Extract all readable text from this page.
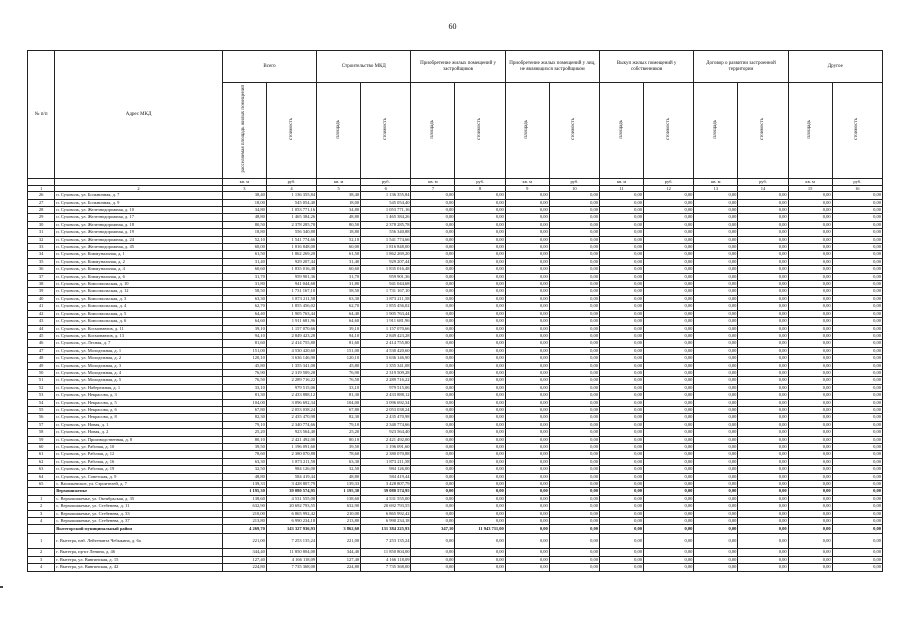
60
№ п/п	Адрес МКД	Всего		Строительство МКД		Приобретение жилых помещений у застройщиков		Приобретение жилых помещений у лиц, не являющихся застройщиком		Выкуп жилых помещений у собственников		Договор о развитии застроенной территории		Другое	
		расселяемая площадь жилых помещений	стоимость	площадь	стоимость	площадь	стоимость	площадь	стоимость	площадь	стоимость	площадь	стоимость	площадь	стоимость
		кв. м	руб.	кв. м	руб.	кв. м	руб.	кв. м	руб.	кв. м	руб.	кв. м	руб.	кв. м	руб.
1	2	3	4	5	6	7	8	9	10	11	12	13	14	15	16
26	п. Суховоль, ул. Больничная, д. 7	38,40	1 136 355,84	38,40	1 136 355,84	0,00	0,00	0,00	0,00	0,00	0,00	0,00	0,00	0,00	0,00
27	п. Суховоль, ул. Больничная, д. 9	18,00	545 054,40	18,00	545 054,40	0,00	0,00	0,00	0,00	0,00	0,00	0,00	0,00	0,00	0,00
28	п. Суховоль, ул. Железнодорожная, д. 10	34,80	1 053 771,16	34,80	1 053 771,16	0,00	0,00	0,00	0,00	0,00	0,00	0,00	0,00	0,00	0,00
29	п. Суховоль, ул. Железнодорожная, д. 17	48,80	1 465 384,26	48,80	1 465 384,26	0,00	0,00	0,00	0,00	0,00	0,00	0,00	0,00	0,00	0,00
30	п. Суховоль, ул. Железнодорожная, д. 18	80,50	2 378 285,78	80,50	2 378 285,78	0,00	0,00	0,00	0,00	0,00	0,00	0,00	0,00	0,00	0,00
31	п. Суховоль, ул. Железнодорожная, д. 19	18,80	556 340,88	18,80	556 340,88	0,00	0,00	0,00	0,00	0,00	0,00	0,00	0,00	0,00	0,00
32	п. Суховоль, ул. Железнодорожная, д. 24	52,10	1 541 774,66	52,10	1 541 774,66	0,00	0,00	0,00	0,00	0,00	0,00	0,00	0,00	0,00	0,00
33	п. Суховоль, ул. Железнодорожная, д. 45	60,00	1 816 848,00	60,00	1 816 848,00	0,00	0,00	0,00	0,00	0,00	0,00	0,00	0,00	0,00	0,00
34	п. Суховоль, ул. Коммунальная, д. 1	61,50	1 862 269,20	61,50	1 862 269,20	0,00	0,00	0,00	0,00	0,00	0,00	0,00	0,00	0,00	0,00
35	п. Суховоль, ул. Коммунальная, д. 2	31,40	929 207,44	31,40	929 207,44	0,00	0,00	0,00	0,00	0,00	0,00	0,00	0,00	0,00	0,00
36	п. Суховоль, ул. Коммунальная, д. 4	60,60	1 835 016,48	60,60	1 835 016,48	0,00	0,00	0,00	0,00	0,00	0,00	0,00	0,00	0,00	0,00
37	п. Суховоль, ул. Коммунальная, д. 6	31,70	959 901,36	31,70	959 901,36	0,00	0,00	0,00	0,00	0,00	0,00	0,00	0,00	0,00	0,00
38	п. Суховоль, ул. Комсомольская, д. 10	31,80	941 044,68	31,80	941 044,68	0,00	0,00	0,00	0,00	0,00	0,00	0,00	0,00	0,00	0,00
39	п. Суховоль, ул. Комсомольская, д. 12	58,50	1 731 167,10	58,50	1 731 167,10	0,00	0,00	0,00	0,00	0,00	0,00	0,00	0,00	0,00	0,00
40	п. Суховоль, ул. Комсомольская, д. 3	63,30	1 873 211,58	63,30	1 873 211,58	0,00	0,00	0,00	0,00	0,00	0,00	0,00	0,00	0,00	0,00
41	п. Суховоль, ул. Комсомольская, д. 4	62,70	1 855 456,02	62,70	1 855 456,02	0,00	0,00	0,00	0,00	0,00	0,00	0,00	0,00	0,00	0,00
42	п. Суховоль, ул. Комсомольская, д. 5	64,40	1 905 763,44	64,40	1 905 763,44	0,00	0,00	0,00	0,00	0,00	0,00	0,00	0,00	0,00	0,00
43	п. Суховоль, ул. Комсомольская, д. 6	64,60	1 911 681,96	64,60	1 911 681,96	0,00	0,00	0,00	0,00	0,00	0,00	0,00	0,00	0,00	0,00
44	п. Суховоль, ул. Космонавтов, д. 11	39,10	1 157 070,66	39,10	1 157 070,66	0,00	0,00	0,00	0,00	0,00	0,00	0,00	0,00	0,00	0,00
45	п. Суховоль, ул. Космонавтов, д. 13	94,10	2 849 423,28	94,10	2 849 423,28	0,00	0,00	0,00	0,00	0,00	0,00	0,00	0,00	0,00	0,00
46	п. Суховоль, ул. Лесная, д. 7	81,60	2 414 755,80	81,60	2 414 755,80	0,00	0,00	0,00	0,00	0,00	0,00	0,00	0,00	0,00	0,00
47	п. Суховоль, ул. Молодежная, д. 1	151,00	4 530 420,60	151,00	4 530 420,60	0,00	0,00	0,00	0,00	0,00	0,00	0,00	0,00	0,00	0,00
48	п. Суховоль, ул. Молодежная, д. 2	120,10	3 636 146,90	120,10	3 636 146,90	0,00	0,00	0,00	0,00	0,00	0,00	0,00	0,00	0,00	0,00
49	п. Суховоль, ул. Молодежная, д. 3	45,80	1 355 341,08	45,80	1 355 341,08	0,00	0,00	0,00	0,00	0,00	0,00	0,00	0,00	0,00	0,00
50	п. Суховоль, ул. Молодежная, д. 4	76,90	2 319 509,28	76,90	2 319 509,28	0,00	0,00	0,00	0,00	0,00	0,00	0,00	0,00	0,00	0,00
51	п. Суховоль, ул. Молодежная, д. 5	76,50	2 289 716,22	76,50	2 289 716,22	0,00	0,00	0,00	0,00	0,00	0,00	0,00	0,00	0,00	0,00
52	п. Суховоль, ул. Набережная, д. 1	33,10	979 515,06	33,10	979 515,06	0,00	0,00	0,00	0,00	0,00	0,00	0,00	0,00	0,00	0,00
53	п. Суховоль, ул. Некрасова, д. 3	81,30	2 433 888,12	81,30	2 433 888,12	0,00	0,00	0,00	0,00	0,00	0,00	0,00	0,00	0,00	0,00
54	п. Суховоль, ул. Некрасова, д. 5	104,00	3 096 692,34	104,00	3 096 692,34	0,00	0,00	0,00	0,00	0,00	0,00	0,00	0,00	0,00	0,00
55	п. Суховоль, ул. Некрасова, д. 6	67,80	2 053 038,24	67,80	2 053 038,24	0,00	0,00	0,00	0,00	0,00	0,00	0,00	0,00	0,00	0,00
56	п. Суховоль, ул. Некрасова, д. 8	82,30	2 435 470,98	82,30	2 435 470,98	0,00	0,00	0,00	0,00	0,00	0,00	0,00	0,00	0,00	0,00
57	п. Суховоль, ул. Новая, д. 1	79,10	2 340 774,66	79,10	2 340 774,66	0,00	0,00	0,00	0,00	0,00	0,00	0,00	0,00	0,00	0,00
58	п. Суховоль, ул. Новая, д. 2	25,20	923 564,40	25,20	923 564,40	0,00	0,00	0,00	0,00	0,00	0,00	0,00	0,00	0,00	0,00
59	п. Суховоль, ул. Производственная, д. 8	80,10	2 421 492,00	80,10	2 421 492,00	0,00	0,00	0,00	0,00	0,00	0,00	0,00	0,00	0,00	0,00
60	п. Суховоль, ул. Рабочая, д. 10	39,50	1 196 091,60	39,50	1 196 091,60	0,00	0,00	0,00	0,00	0,00	0,00	0,00	0,00	0,00	0,00
61	п. Суховоль, ул. Рабочая, д. 12	78,60	2 380 070,88	78,60	2 380 070,88	0,00	0,00	0,00	0,00	0,00	0,00	0,00	0,00	0,00	0,00
62	п. Суховоль, ул. Рабочая, д. 16	63,30	1 873 211,58	63,30	1 873 211,58	0,00	0,00	0,00	0,00	0,00	0,00	0,00	0,00	0,00	0,00
63	п. Суховоль, ул. Рабочая, д. 19	32,50	984 126,00	32,50	984 126,00	0,00	0,00	0,00	0,00	0,00	0,00	0,00	0,00	0,00	0,00
64	п. Суховоль, ул. Советская, д. 9	48,80	584 419,44	48,80	584 419,44	0,00	0,00	0,00	0,00	0,00	0,00	0,00	0,00	0,00	0,00
65	с. Васильевское, ул. Строителей, д. 7	139,33	3 428 807,79	139,33	3 428 807,79	0,00	0,00	0,00	0,00	0,00	0,00	0,00	0,00	0,00	0,00
	Верхошижемье	1 195,30	39 080 574,95	1 195,30	39 080 574,95	0,00	0,00	0,00	0,00	0,00	0,00	0,00	0,00	0,00	0,00
1	с. Верхошижемье, ул. Октябрьская, д. 35	138,60	4 531 555,00	138,60	4 531 555,00	0,00	0,00	0,00	0,00	0,00	0,00	0,00	0,00	0,00	0,00
2	с. Верхошижемье, ул. Стебенева, д. 11	632,90	20 692 793,55	632,90	20 692 793,55	0,00	0,00	0,00	0,00	0,00	0,00	0,00	0,00	0,00	0,00
3	с. Верхошижемье, ул. Стебенева, д. 33	210,00	6 865 992,42	210,00	6 865 992,42	0,00	0,00	0,00	0,00	0,00	0,00	0,00	0,00	0,00	0,00
4	с. Верхошижемье, ул. Стебенева, д. 37	213,80	6 990 234,18	213,80	6 990 234,18	0,00	0,00	0,00	0,00	0,00	0,00	0,00	0,00	0,00	0,00
	Вытегорский муниципальный район	4 269,70	143 327 936,93	3 862,60	131 384 225,93	347,10	11 943 711,00	0,00	0,00	0,00	0,00	0,00	0,00	0,00	0,00
1	г. Вытегра, наб. Лейтенанта Чебыкина, д. 6а	221,00	7 253 135,24	221,00	7 253 135,24	0,00	0,00	0,00	0,00	0,00	0,00	0,00	0,00	0,00	0,00
2	г. Вытегра, пр-кт Ленина, д. 46	344,40	11 850 804,00	344,40	11 850 804,00	0,00	0,00	0,00	0,00	0,00	0,00	0,00	0,00	0,00	0,00
3	г. Вытегра, ул. Вянгинская, д. 15	127,40	4 166 118,09	127,40	4 166 118,09	0,00	0,00	0,00	0,00	0,00	0,00	0,00	0,00	0,00	0,00
4	г. Вытегра, ул. Вянгинская, д. 42	224,80	7 735 368,00	224,80	7 735 368,00	0,00	0,00	0,00	0,00	0,00	0,00	0,00	0,00	0,00	0,00
